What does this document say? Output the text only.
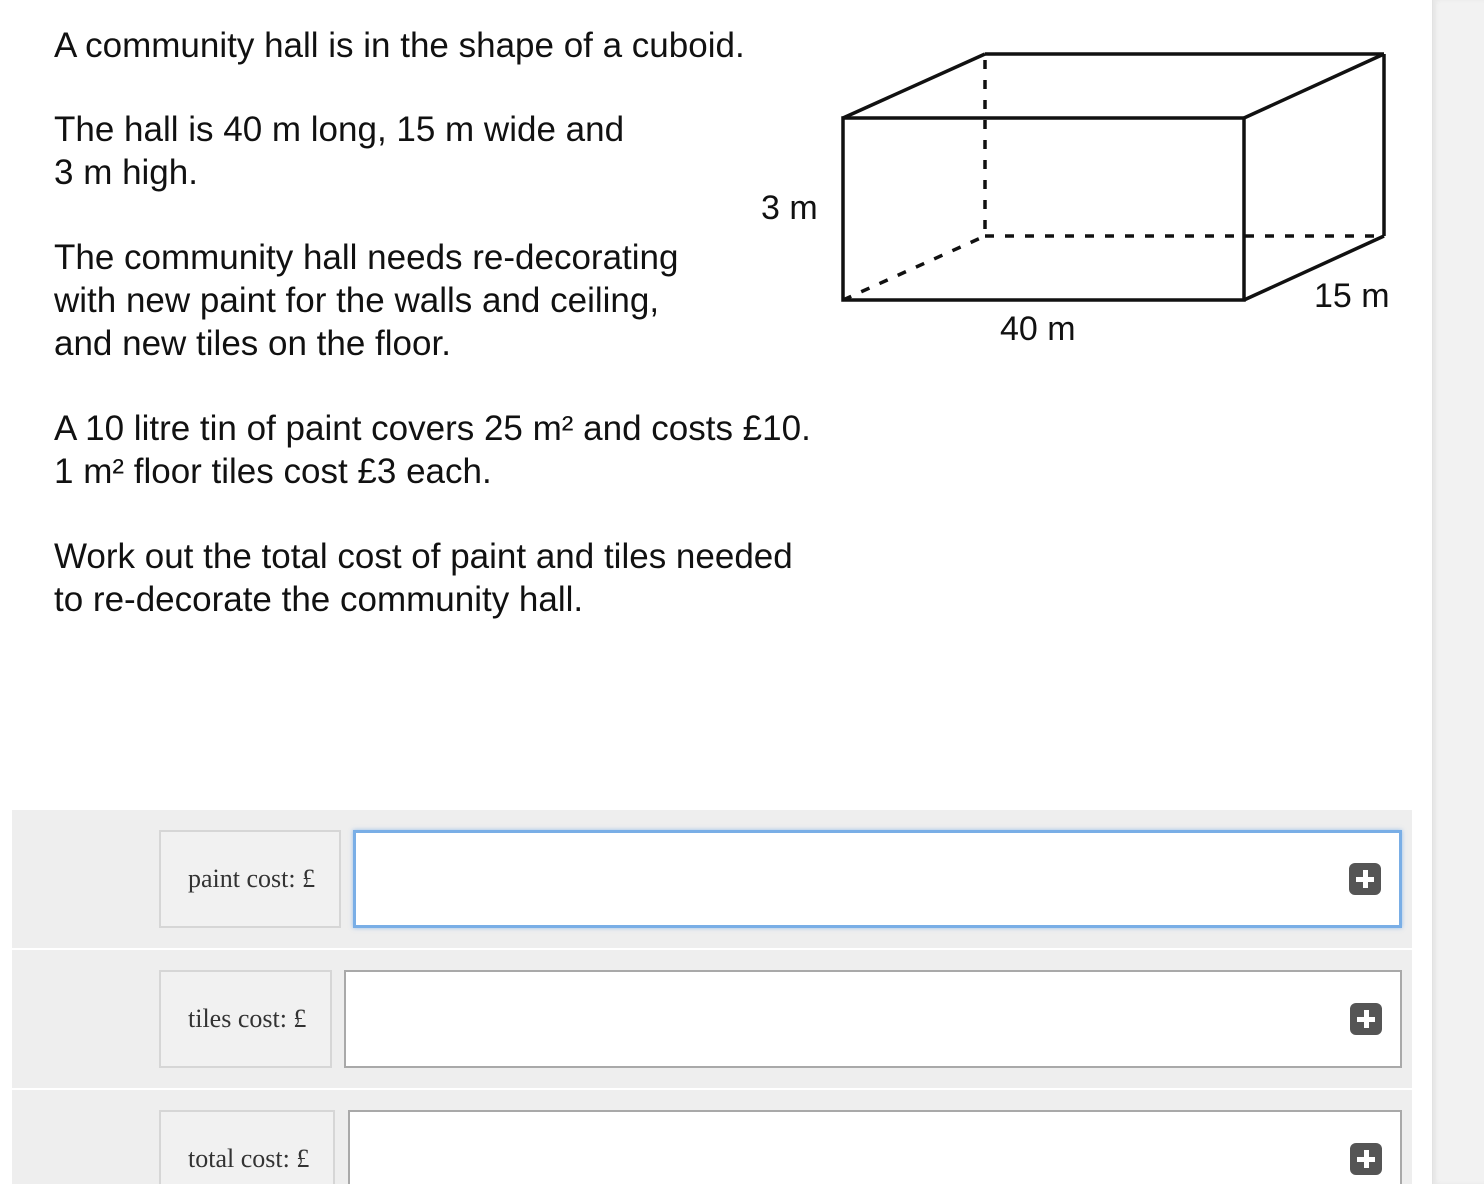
A community hall is in the shape of a cuboid.

The hall is 40 m long, 15 m wide and
3 m high.

The community hall needs re-decorating
with new paint for the walls and ceiling,
and new tiles on the floor.

A 10 litre tin of paint covers 25 m² and costs £10.
1 m² floor tiles cost £3 each.

Work out the total cost of paint and tiles needed
to re-decorate the community hall.

3 m
40 m
15 m
paint cost: £
tiles cost: £
total cost: £
